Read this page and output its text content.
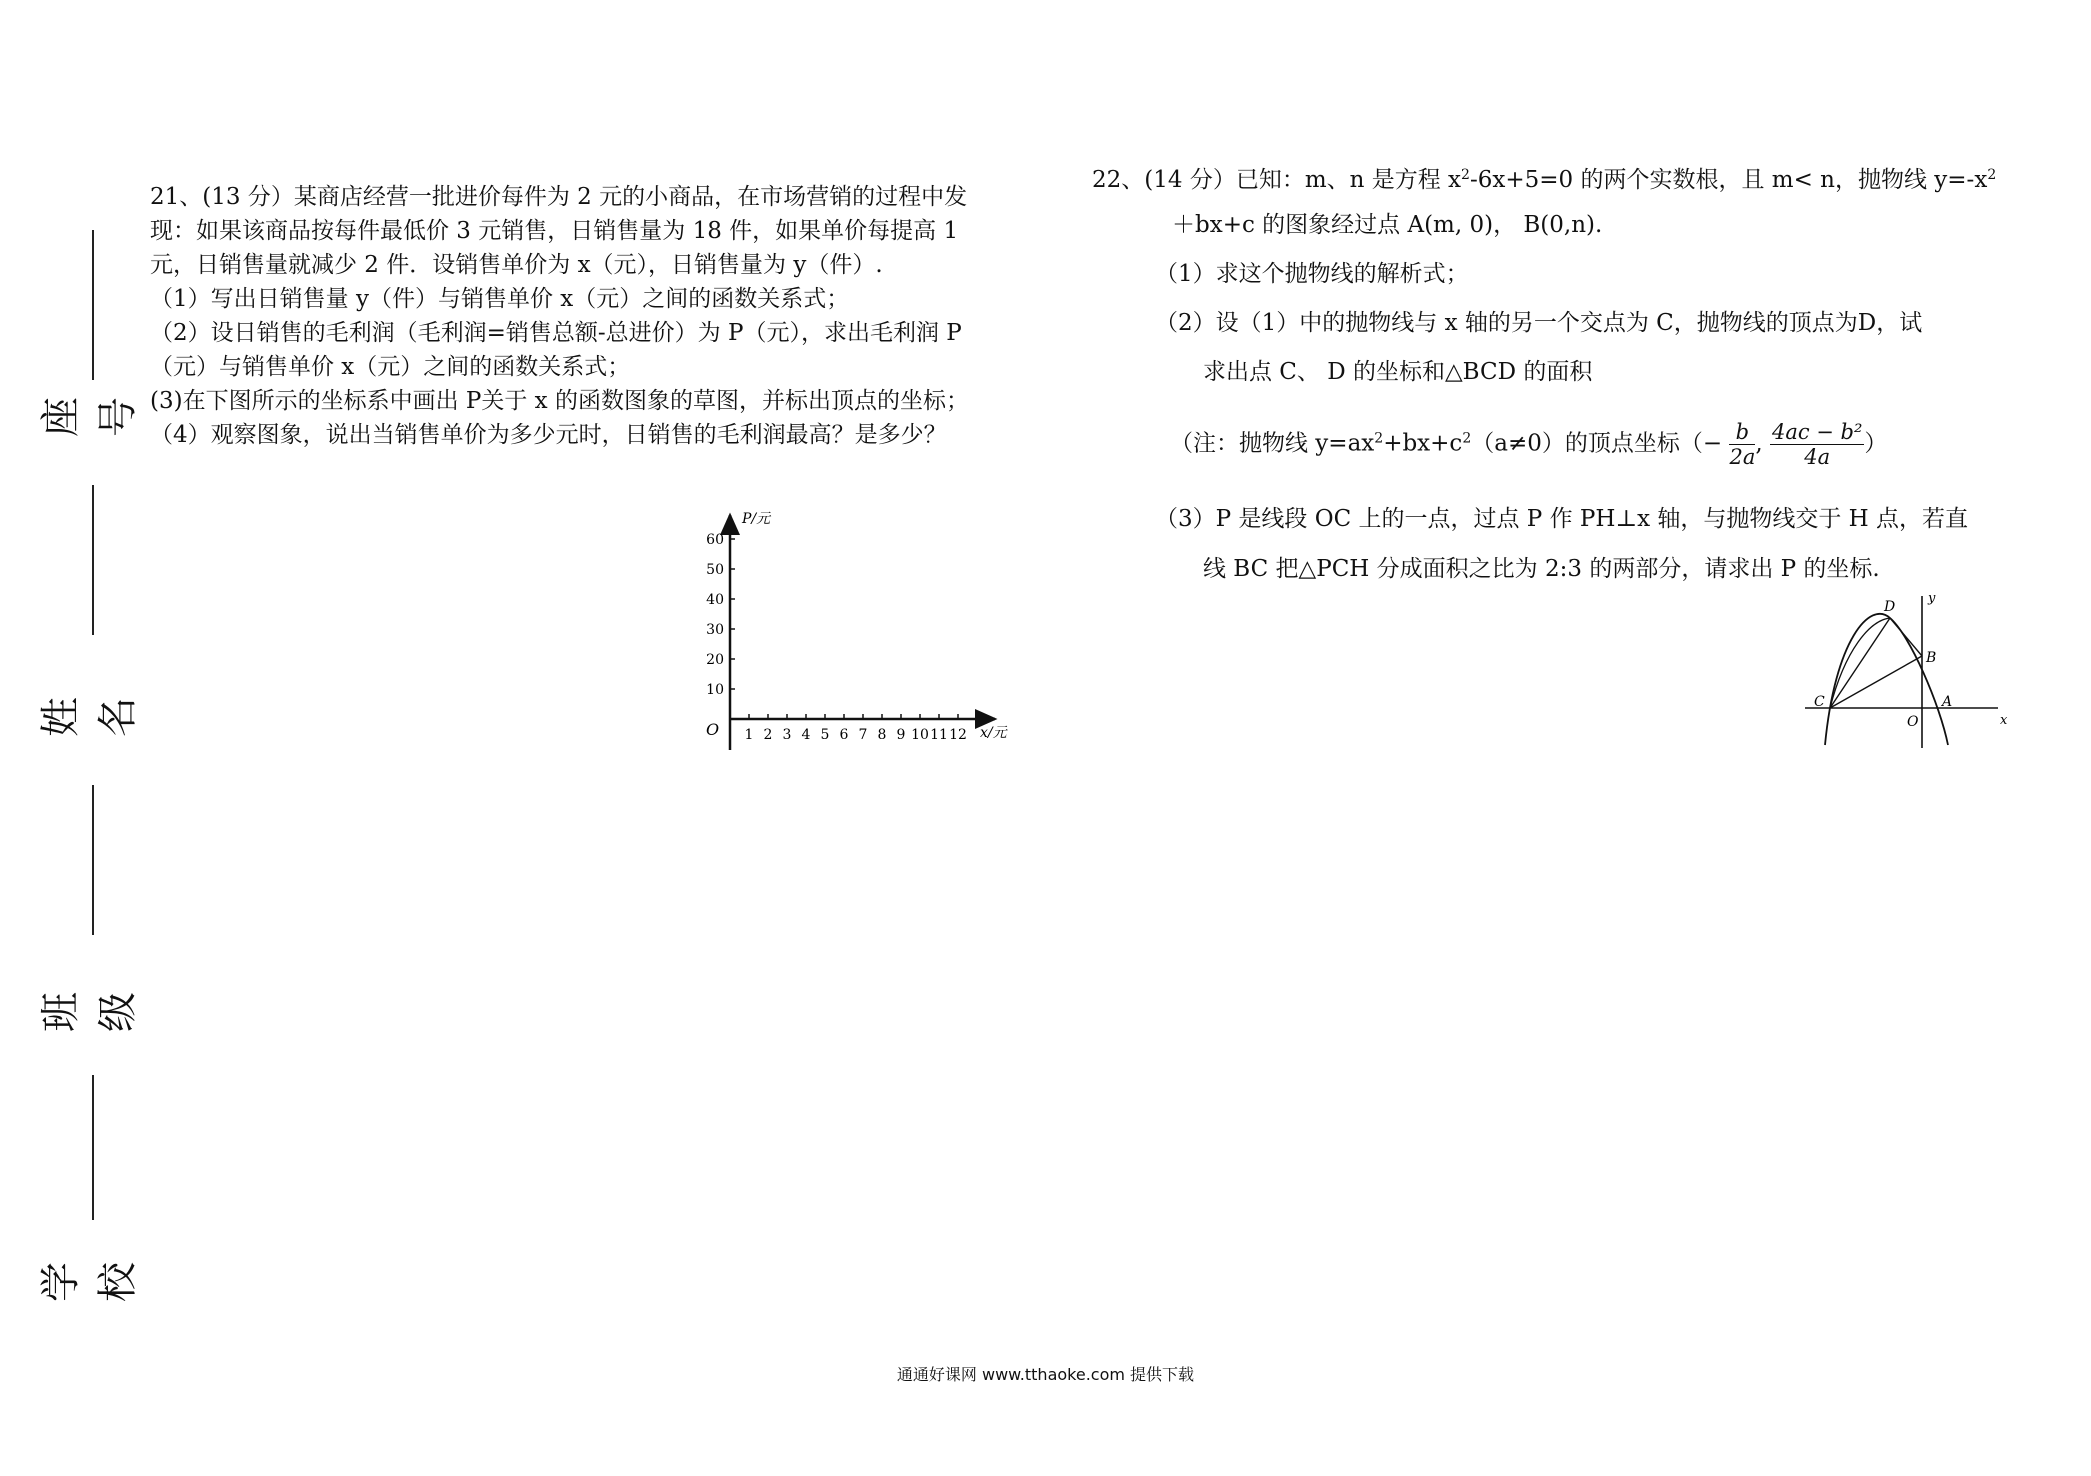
座号
姓名
班级
学校
21、(13 分）某商店经营一批进价每件为 2 元的小商品，在市场营销的过程中发
现：如果该商品按每件最低价 3 元销售，日销售量为 18 件，如果单价每提高 1
元，日销售量就减少 2 件．设销售单价为 x（元），日销售量为 y（件）.
（1）写出日销售量 y（件）与销售单价 x（元）之间的函数关系式；
（2）设日销售的毛利润（毛利润=销售总额-总进价）为 P（元），求出毛利润 P
（元）与销售单价 x（元）之间的函数关系式；
(3)在下图所示的坐标系中画出 P关于 x 的函数图象的草图，并标出顶点的坐标；
（4）观察图象，说出当销售单价为多少元时，日销售的毛利润最高？是多少？
1 2 3 4 5 6 7 8 9 10 11 12
10
20
30
40
50
60
P/元
x/元
O
22、(14 分）已知：m、n 是方程 $x^2-6x+5=0$ 的两个实数根，且 m< n，抛物线 $y=-x^2$
＋bx+c 的图象经过点 A(m, 0)， B(0,n).
（1）求这个抛物线的解析式；
（2）设（1）中的抛物线与 x 轴的另一个交点为 C，抛物线的顶点为D，试
求出点 C、 D 的坐标和△BCD 的面积
（注：抛物线 $y=ax^2+bx+c^2(a\ne 0)$的顶点坐标（− $\frac{b}{2a}$ , $\frac{\text{4ac − b²}}{4a}$ ）
（3）P 是线段 OC 上的一点，过点 P 作 PH⊥x 轴，与抛物线交于 H 点，若直
线 BC 把△PCH 分成面积之比为 2:3 的两部分，请求出 P 的坐标.
D
B
C	A
O	x
y
通通好课网 www.tthaoke.com 提供下载
